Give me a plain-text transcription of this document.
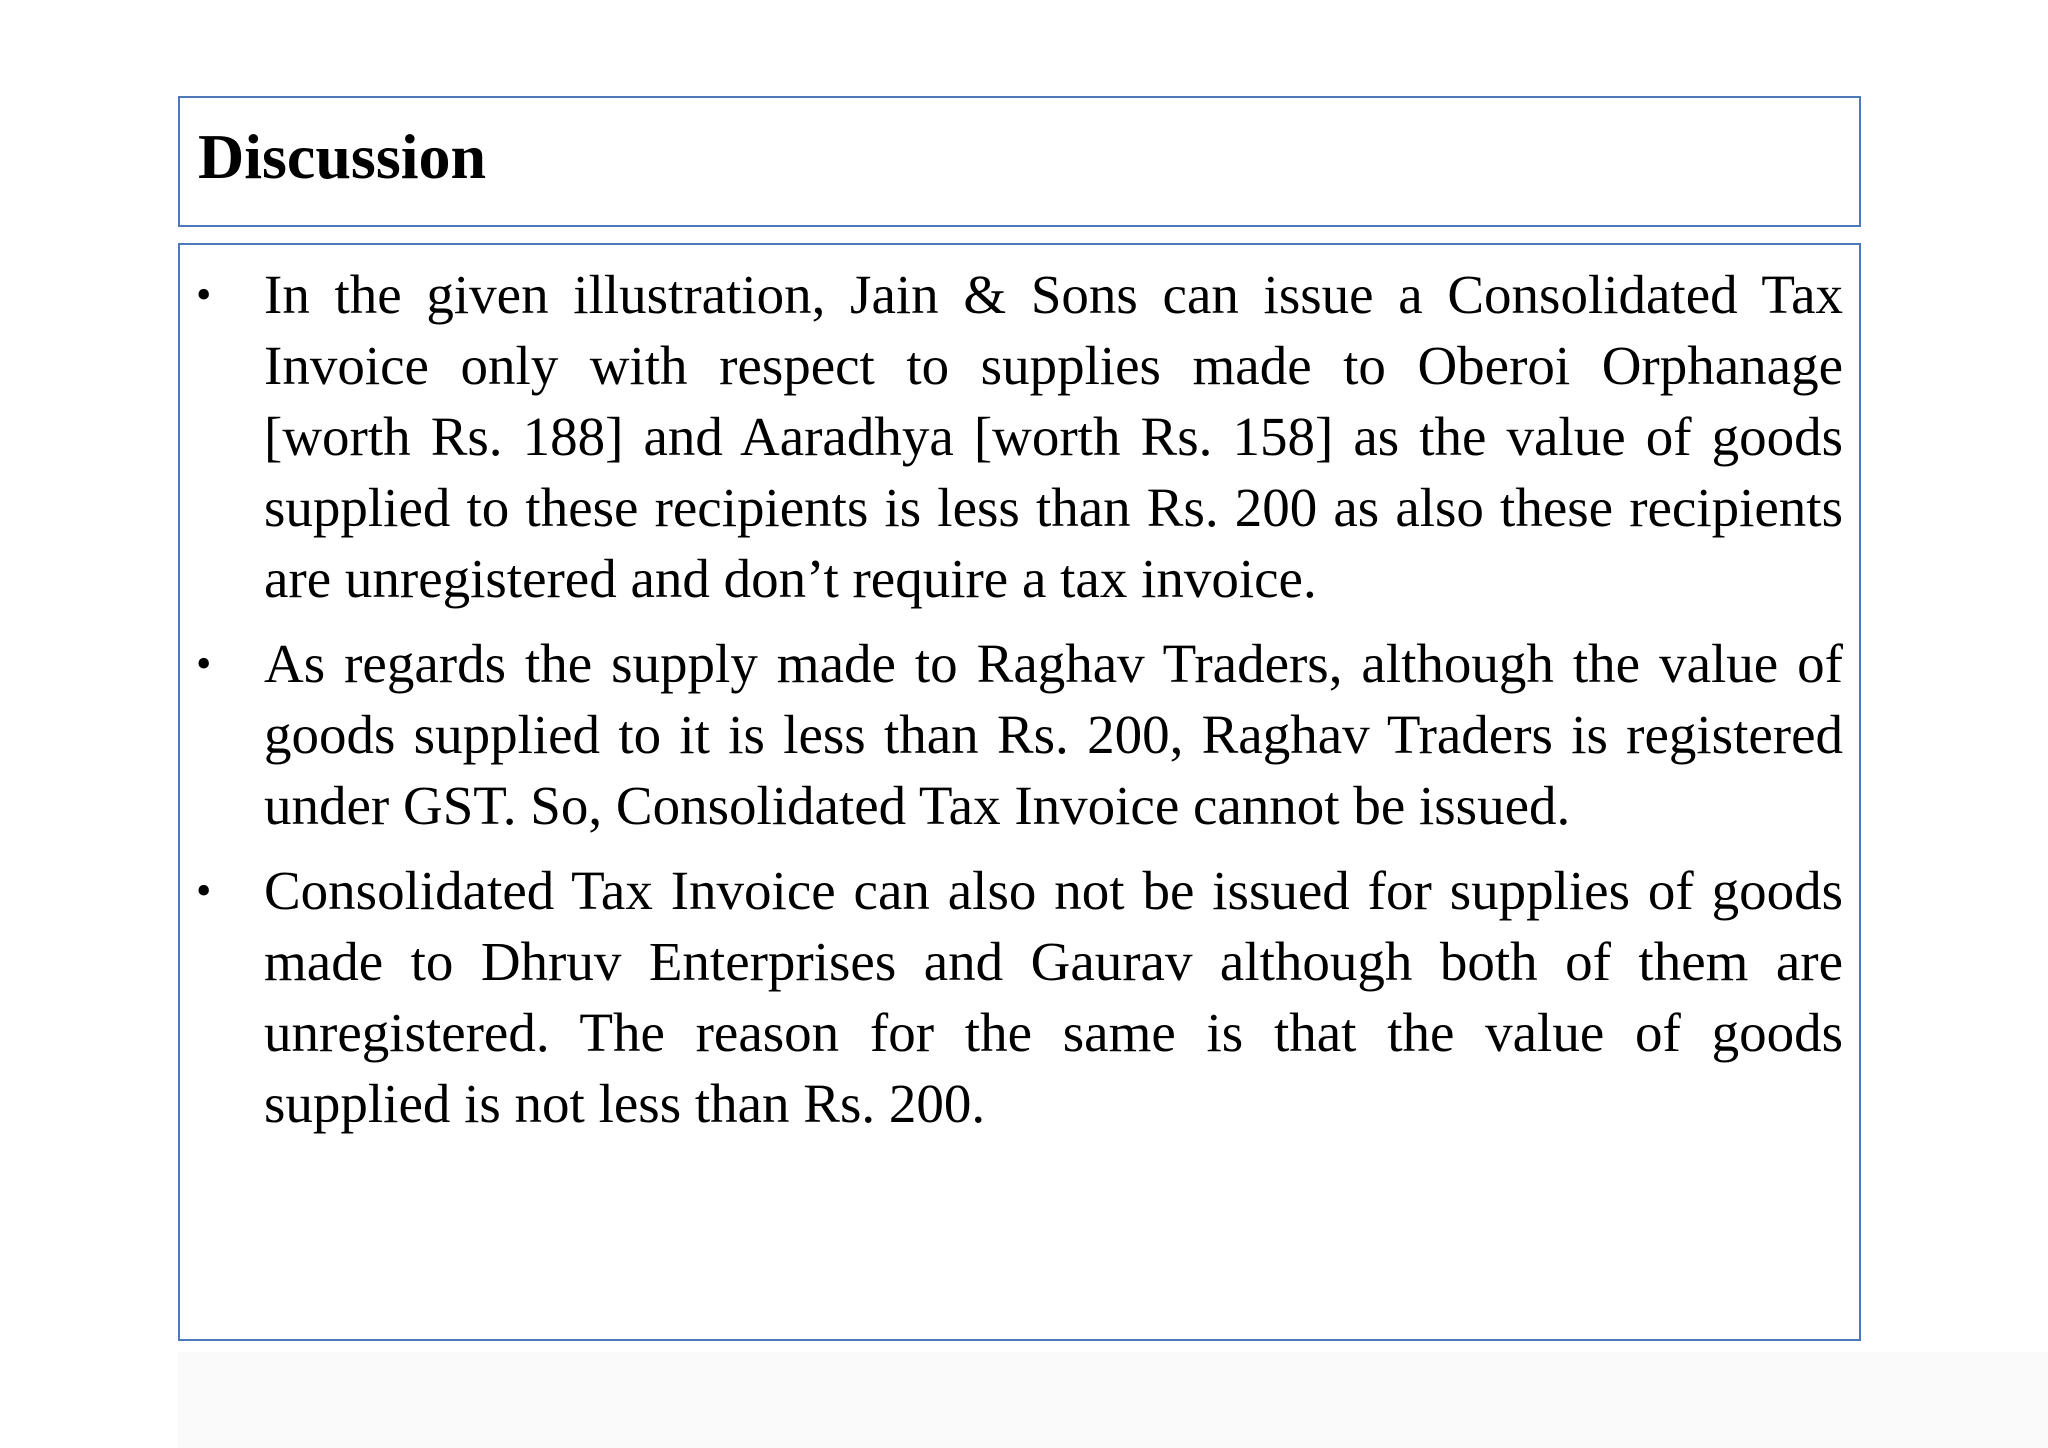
Discussion
• In the given illustration, Jain & Sons can issue a Consolidated Tax Invoice only with respect to supplies made to Oberoi Orphanage [worth Rs. 188] and Aaradhya [worth Rs. 158] as the value of goods supplied to these recipients is less than Rs. 200 as also these recipients are unregistered and don’t require a tax invoice.
• As regards the supply made to Raghav Traders, although the value of goods supplied to it is less than Rs. 200, Raghav Traders is registered under GST. So, Consolidated Tax Invoice cannot be issued.
• Consolidated Tax Invoice can also not be issued for supplies of goods made to Dhruv Enterprises and Gaurav although both of them are unregistered. The reason for the same is that the value of goods supplied is not less than Rs. 200.
